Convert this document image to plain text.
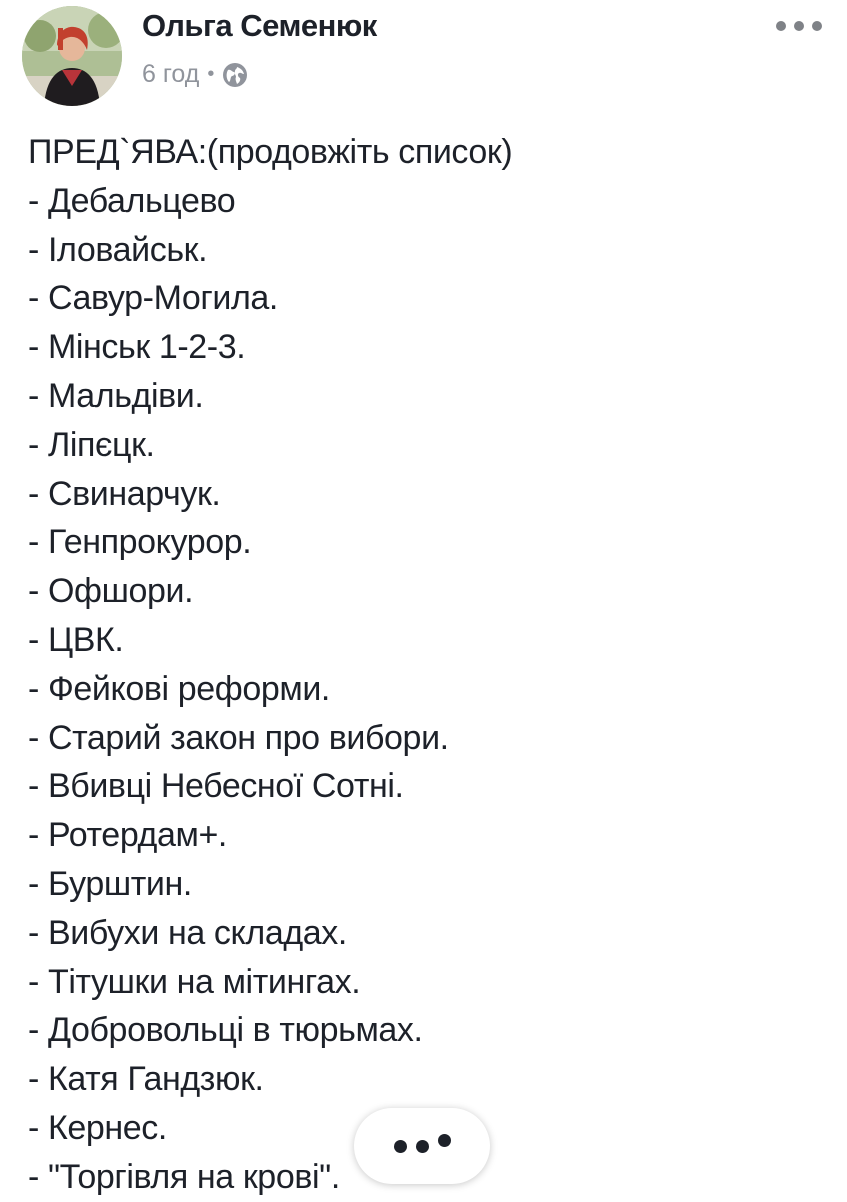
Ольга Семенюк
6 год •
ПРЕД`ЯВА:(продовжіть список)
- Дебальцево
- Іловайськ.
- Савур-Могила.
- Мінськ 1-2-3.
- Мальдіви.
- Ліпєцк.
- Свинарчук.
- Генпрокурор.
- Офшори.
- ЦВК.
- Фейкові реформи.
- Старий закон про вибори.
- Вбивці Небесної Сотні.
- Ротердам+.
- Бурштин.
- Вибухи на складах.
- Тітушки на мітингах.
- Добровольці в тюрьмах.
- Катя Гандзюк.
- Кернес.
- "Торгівля на крові".
